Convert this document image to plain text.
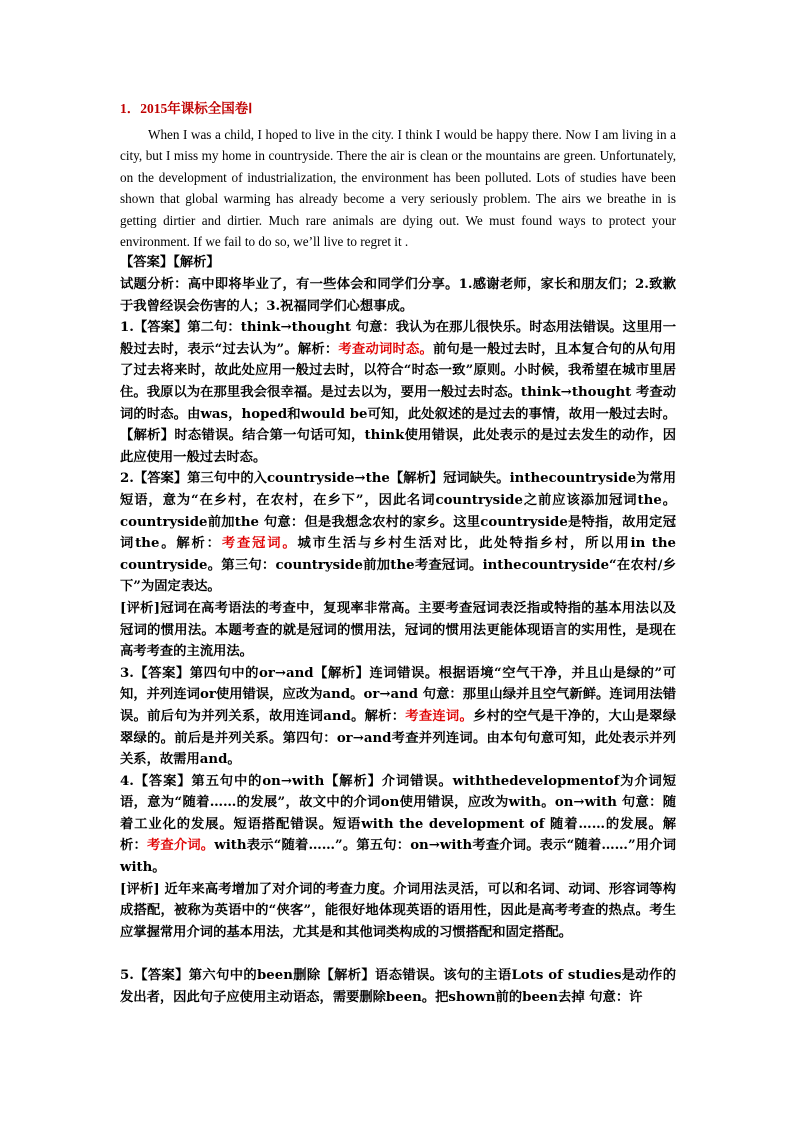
1．2015年课标全国卷Ⅰ

When I was a child, I hoped to live in the city. I think I would be happy there. Now I am living in a city, but I miss my home in countryside. There the air is clean or the mountains are green. Unfortunately, on the development of industrialization, the environment has been polluted. Lots of studies have been shown that global warming has already become a very seriously problem. The airs we breathe in is getting dirtier and dirtier. Much rare animals are dying out. We must found ways to protect your environment. If we fail to do so, we’ll live to regret it .

【答案】【解析】

试题分析：高中即将毕业了，有一些体会和同学们分享。1.感谢老师，家长和朋友们；2.致歉于我曾经误会伤害的人；3.祝福同学们心想事成。

1.【答案】第二句：think→thought 句意：我认为在那儿很快乐。时态用法错误。这里用一般过去时，表示“过去认为”。解析：考查动词时态。前句是一般过去时，且本复合句的从句用了过去将来时，故此处应用一般过去时，以符合“时态一致”原则。小时候，我希望在城市里居住。我原以为在那里我会很幸福。是过去以为，要用一般过去时态。think→thought 考查动词的时态。由was，hoped和would be可知，此处叙述的是过去的事情，故用一般过去时。【解析】时态错误。结合第一句话可知，think使用错误，此处表示的是过去发生的动作，因此应使用一般过去时态。

2.【答案】第三句中的入countryside→the【解析】冠词缺失。inthecountryside为常用短语，意为“在乡村，在农村，在乡下”，因此名词countryside之前应该添加冠词the。countryside前加the 句意：但是我想念农村的家乡。这里countryside是特指，故用定冠词the。解析：考查冠词。城市生活与乡村生活对比，此处特指乡村，所以用in the countryside。第三句：countryside前加the考查冠词。inthecountryside“在农村/乡下”为固定表达。

[评析]冠词在高考语法的考查中，复现率非常高。主要考查冠词表泛指或特指的基本用法以及冠词的惯用法。本题考查的就是冠词的惯用法，冠词的惯用法更能体现语言的实用性，是现在高考考查的主流用法。

3.【答案】第四句中的or→and【解析】连词错误。根据语境“空气干净，并且山是绿的”可知，并列连词or使用错误，应改为and。or→and 句意：那里山绿并且空气新鲜。连词用法错误。前后句为并列关系，故用连词and。解析：考查连词。乡村的空气是干净的，大山是翠绿翠绿的。前后是并列关系。第四句：or→and考查并列连词。由本句句意可知，此处表示并列关系，故需用and。

4.【答案】第五句中的on→with【解析】介词错误。withthedevelopmentof为介词短语，意为“随着……的发展”，故文中的介词on使用错误，应改为with。on→with 句意：随着工业化的发展。短语搭配错误。短语with the development of 随着……的发展。解析：考查介词。with表示“随着……”。第五句：on→with考查介词。表示“随着……”用介词with。

[评析] 近年来高考增加了对介词的考查力度。介词用法灵活，可以和名词、动词、形容词等构成搭配，被称为英语中的“侠客”，能很好地体现英语的语用性，因此是高考考查的热点。考生应掌握常用介词的基本用法，尤其是和其他词类构成的习惯搭配和固定搭配。

5.【答案】第六句中的been删除【解析】语态错误。该句的主语Lots of studies是动作的发出者，因此句子应使用主动语态，需要删除been。把shown前的been去掉 句意：许
